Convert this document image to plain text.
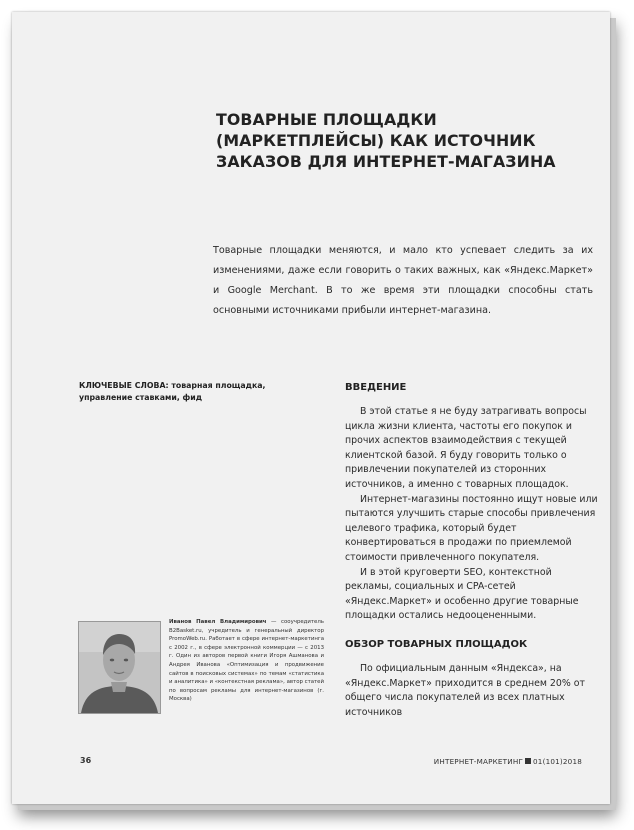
ТОВАРНЫЕ ПЛОЩАДКИ (МАРКЕТПЛЕЙСЫ) КАК ИСТОЧНИК ЗАКАЗОВ ДЛЯ ИНТЕРНЕТ-МАГАЗИНА
Товарные площадки меняются, и мало кто успевает следить за их изменениями, даже если говорить о таких важных, как «Яндекс.Маркет» и Google Merchant. В то же время эти площадки способны стать основными источниками прибыли интернет-магазина.
КЛЮЧЕВЫЕ СЛОВА: товарная площадка, управление ставками, фид
ВВЕДЕНИЕ

В этой статье я не буду затрагивать вопросы цикла жизни клиента, частоты его покупок и прочих аспектов взаимодействия с текущей клиентской базой. Я буду говорить только о привлечении покупателей из сторонних источников, а именно с товарных площадок.

Интернет-магазины постоянно ищут новые или пытаются улучшить старые способы привлечения целевого трафика, который будет конвертироваться в продажи по приемлемой стоимости привлеченного покупателя.

И в этой круговерти SEO, контекстной рекламы, социальных и CPA-сетей «Яндекс.Маркет» и особенно другие товарные площадки остались недооцененными.

ОБЗОР ТОВАРНЫХ ПЛОЩАДОК

По официальным данным «Яндекса», на «Яндекс.Маркет» приходится в среднем 20% от общего числа покупателей из всех платных источников

Иванов Павел Владимирович — сооучредитель B2Basket.ru, учредитель и генеральный директор PromoWeb.ru. Работает в сфере интернет-маркетинга с 2002 г., в сфере электронной коммерции — с 2013 г. Один из авторов первой книги Игоря Ашманова и Андрея Иванова «Оптимизация и продвижение сайтов в поисковых системах» по темам «статистика и аналитика» и «контекстная реклама», автор статей по вопросам рекламы для интернет-магазинов (г. Москва)
36	ИНТЕРНЕТ-МАРКЕТИНГ 01(101)2018
